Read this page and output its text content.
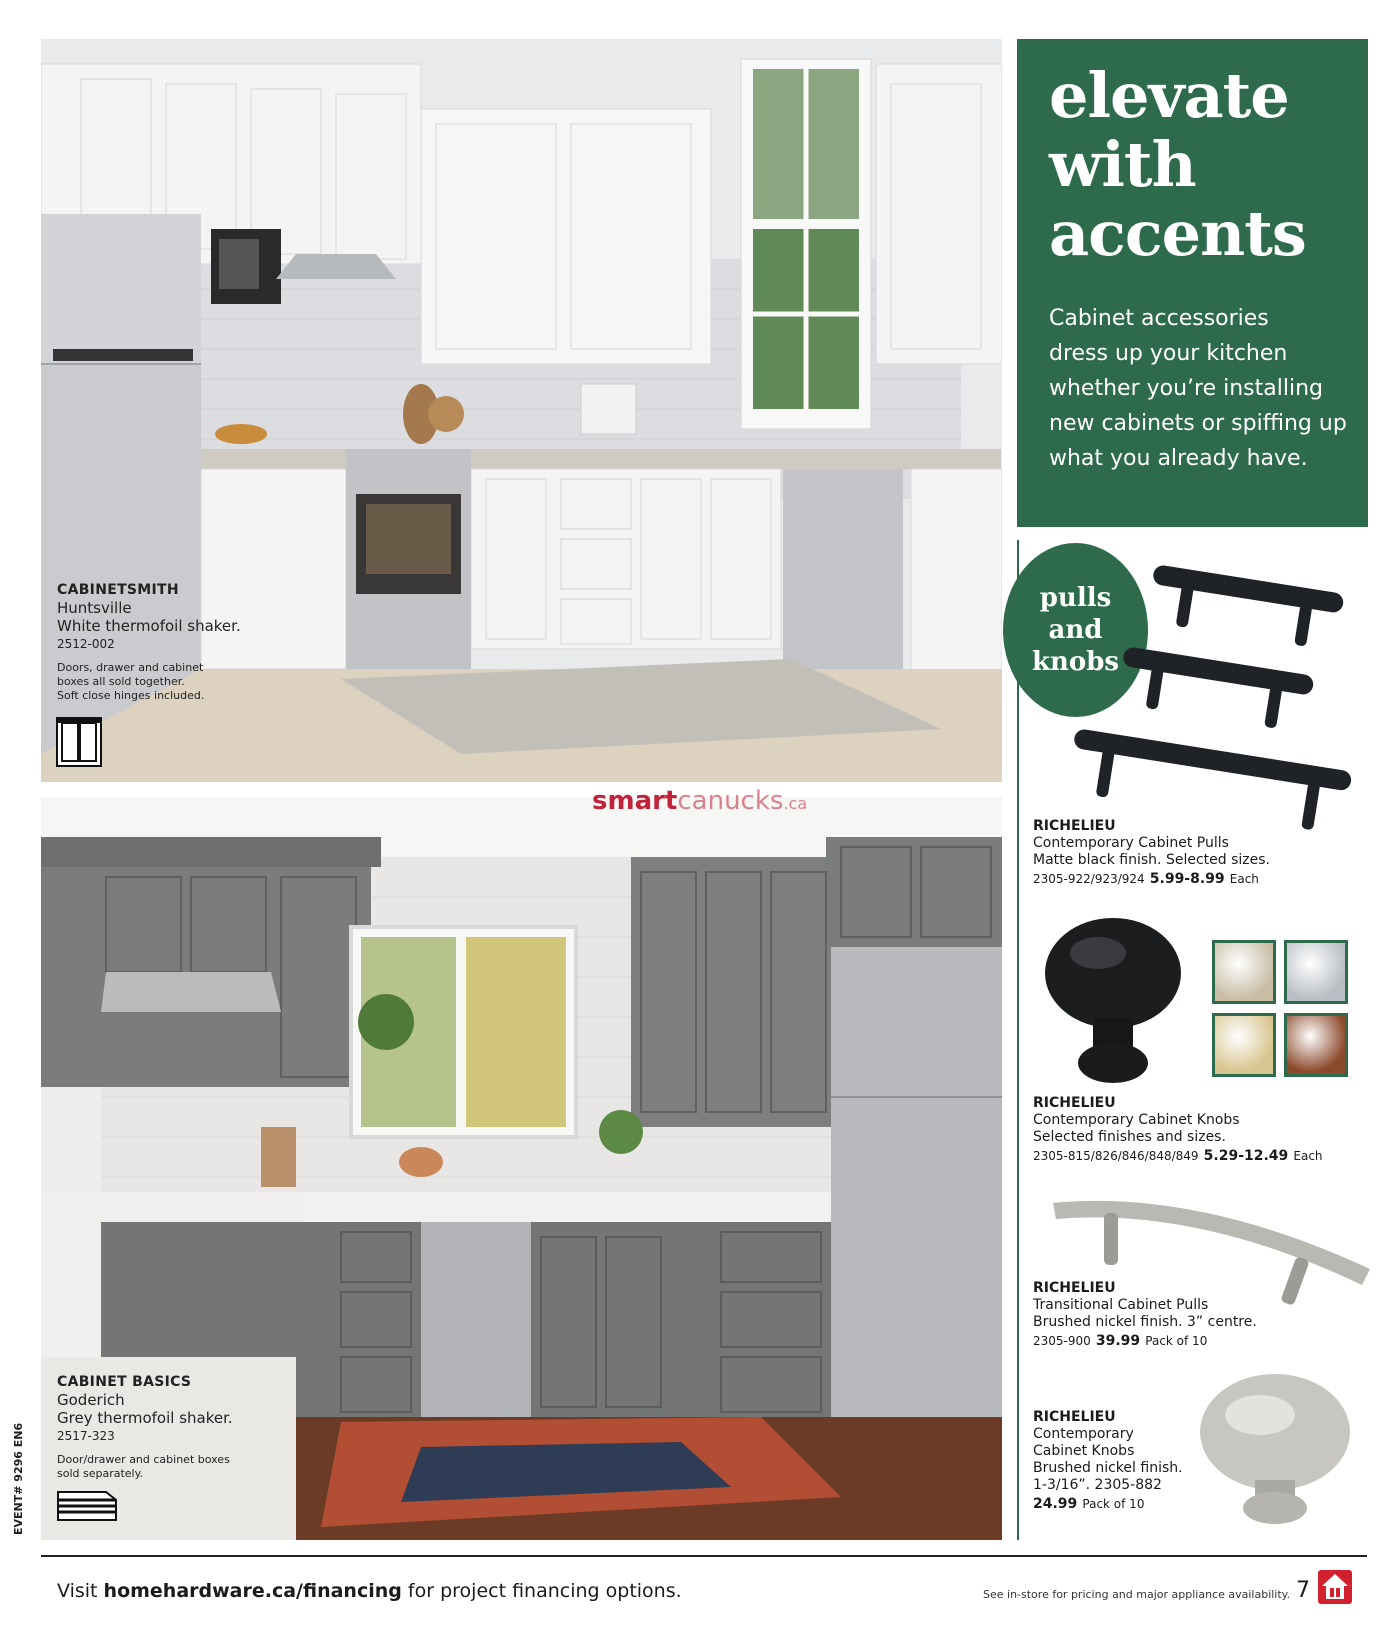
CABINETSMITH
Huntsville
White thermofoil shaker.
2512-002
Doors, drawer and cabinet
boxes all sold together.
Soft close hinges included.
smartcanucks.ca
CABINET BASICS
Goderich
Grey thermofoil shaker.
2517-323
Door/drawer and cabinet boxes
sold separately.
elevate
with
accents
Cabinet accessories
dress up your kitchen
whether you’re installing
new cabinets or spiffing up
what you already have.
pulls
and
knobs
RICHELIEU
Contemporary Cabinet Pulls
Matte black finish. Selected sizes.
2305-922/923/924 5.99-8.99 Each
RICHELIEU
Contemporary Cabinet Knobs
Selected finishes and sizes.
2305-815/826/846/848/849 5.29-12.49 Each
RICHELIEU
Transitional Cabinet Pulls
Brushed nickel finish. 3” centre.
2305-900 39.99 Pack of 10
RICHELIEU
Contemporary
Cabinet Knobs
Brushed nickel finish.
1-3/16”. 2305-882
24.99 Pack of 10
Visit homehardware.ca/financing for project financing options.	See in-store for pricing and major appliance availability. 7
EVENT# 9296 EN6
